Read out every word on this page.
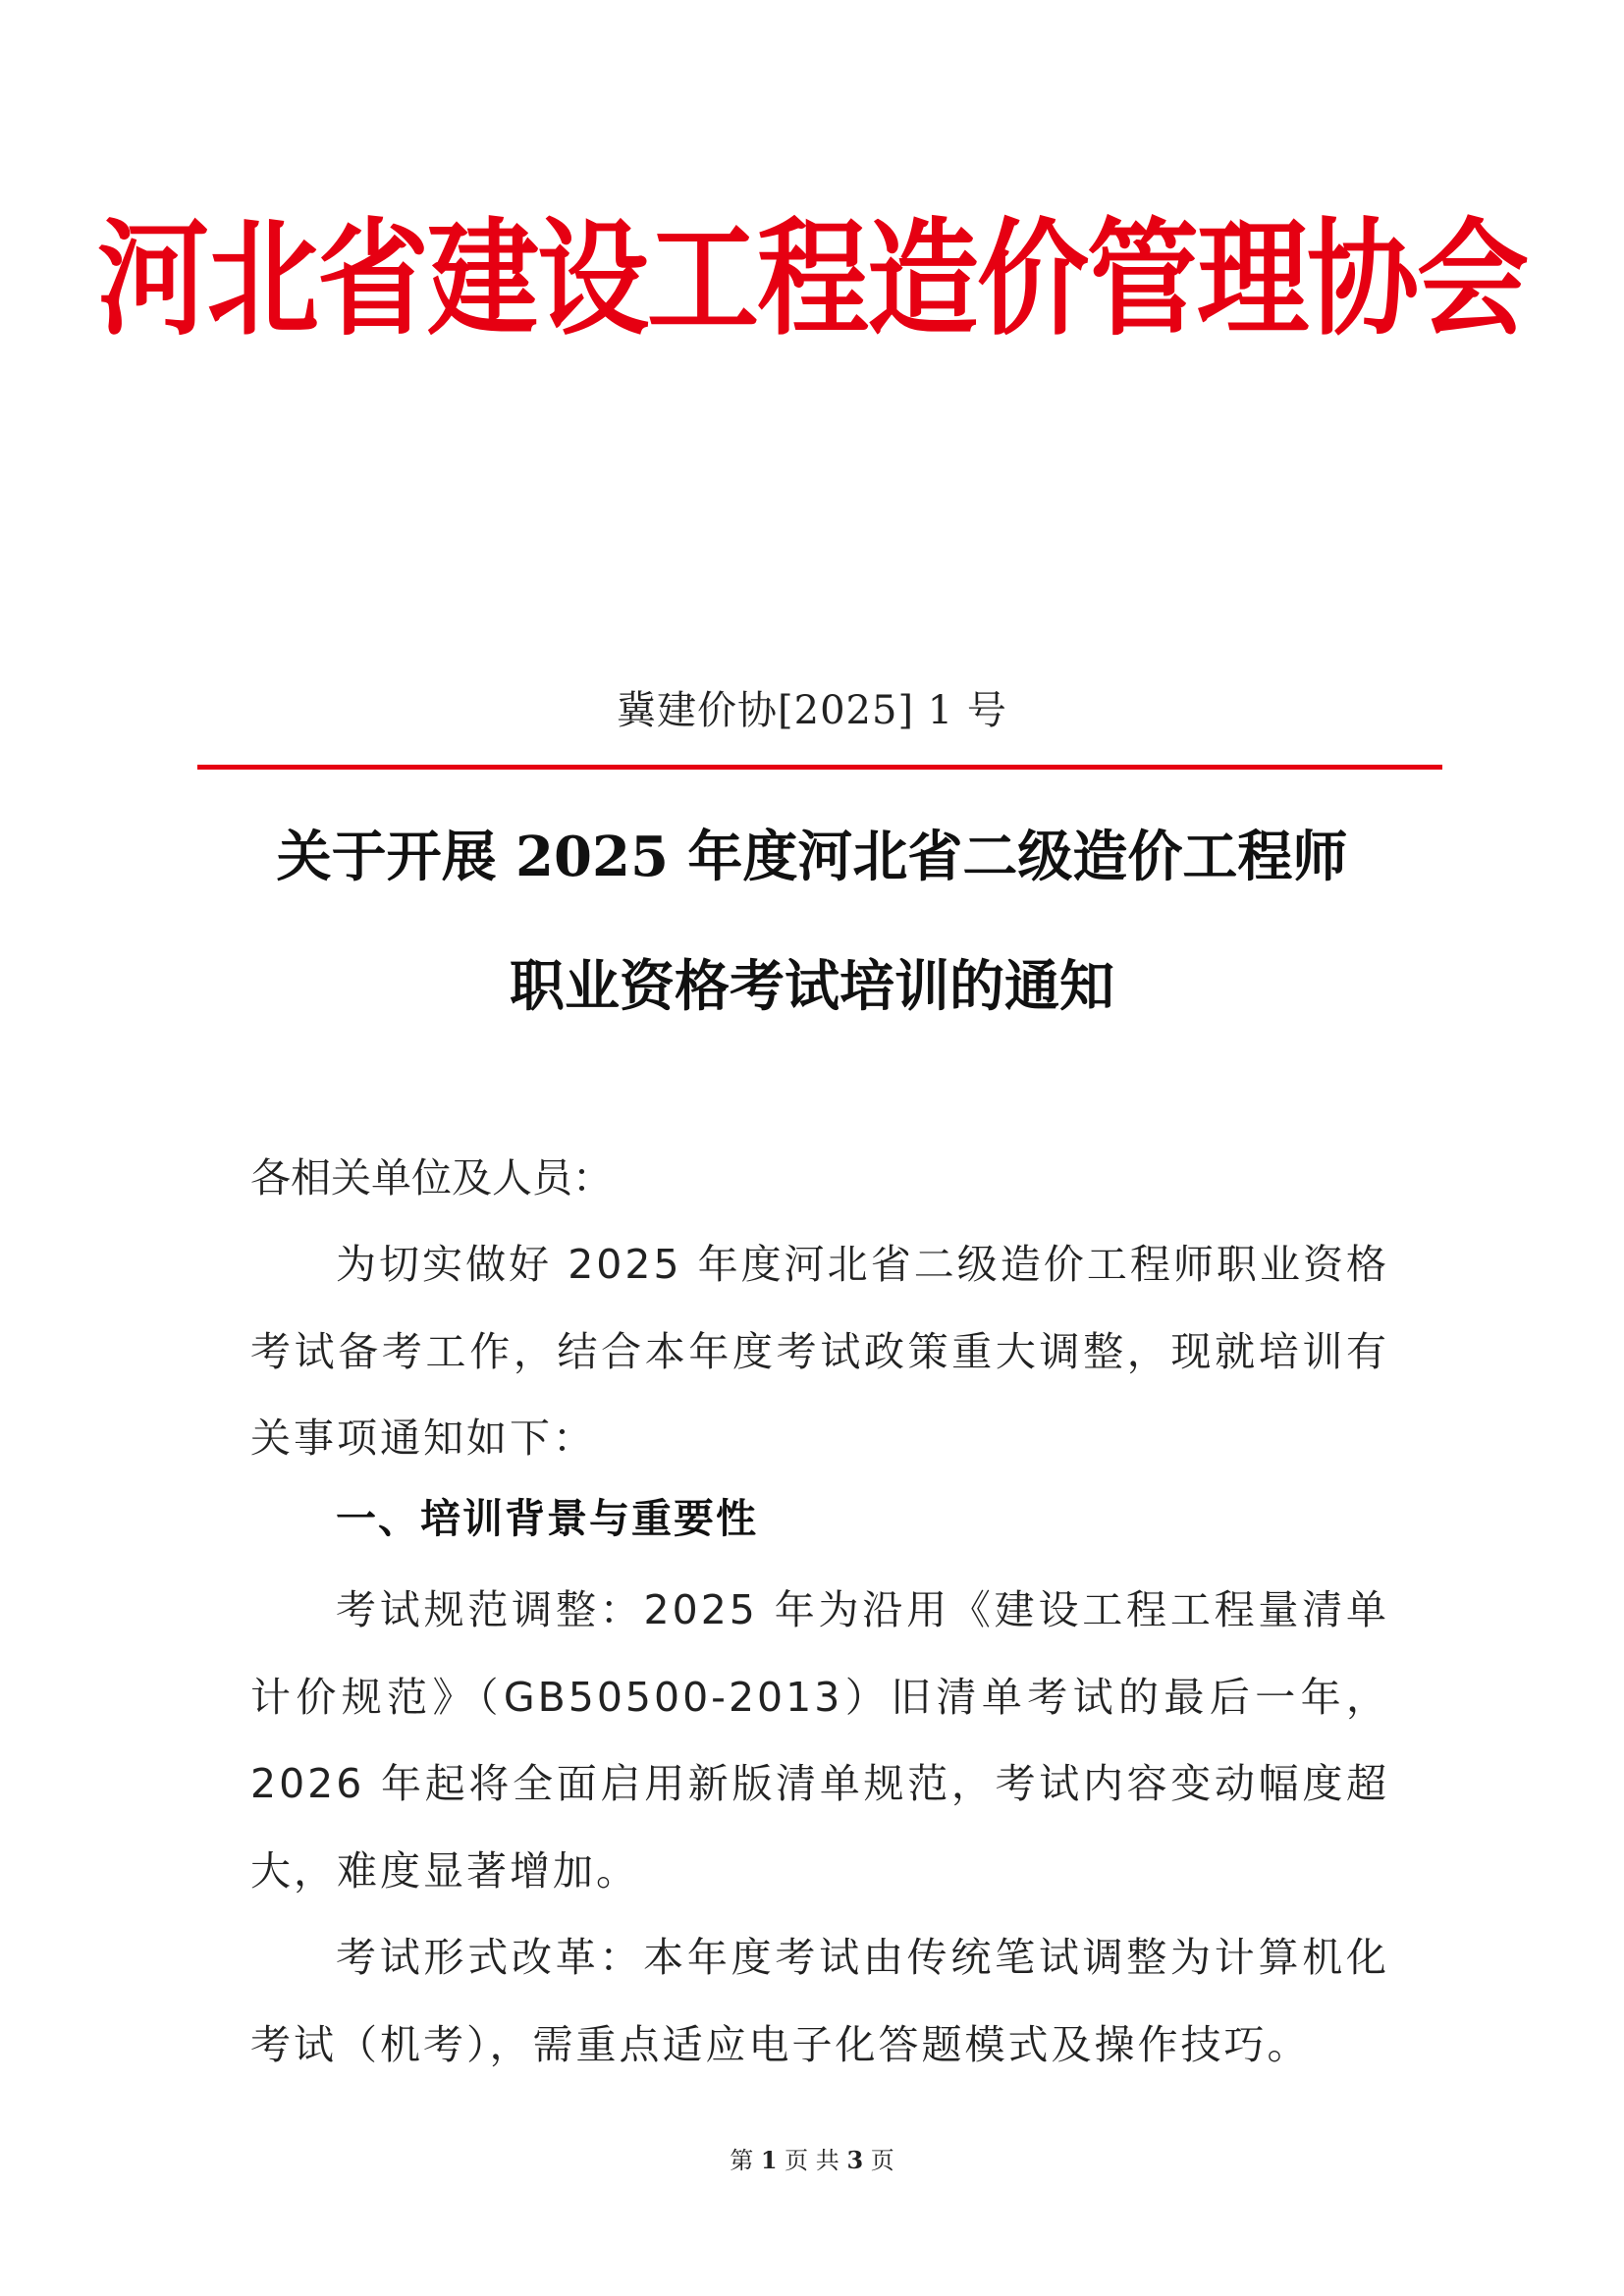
河北省建设工程造价管理协会
冀建价协[2025] 1 号
关于开展 2025 年度河北省二级造价工程师
职业资格考试培训的通知
各相关单位及人员：
为切实做好 2025 年度河北省二级造价工程师职业资格考试备考工作，结合本年度考试政策重大调整，现就培训有关事项通知如下：
一、培训背景与重要性
考试规范调整：2025 年为沿用《建设工程工程量清单计价规范》（GB50500-2013）旧清单考试的最后一年，2026 年起将全面启用新版清单规范，考试内容变动幅度超大，难度显著增加。
考试形式改革：本年度考试由传统笔试调整为计算机化考试（机考），需重点适应电子化答题模式及操作技巧。
第 1 页 共 3 页
